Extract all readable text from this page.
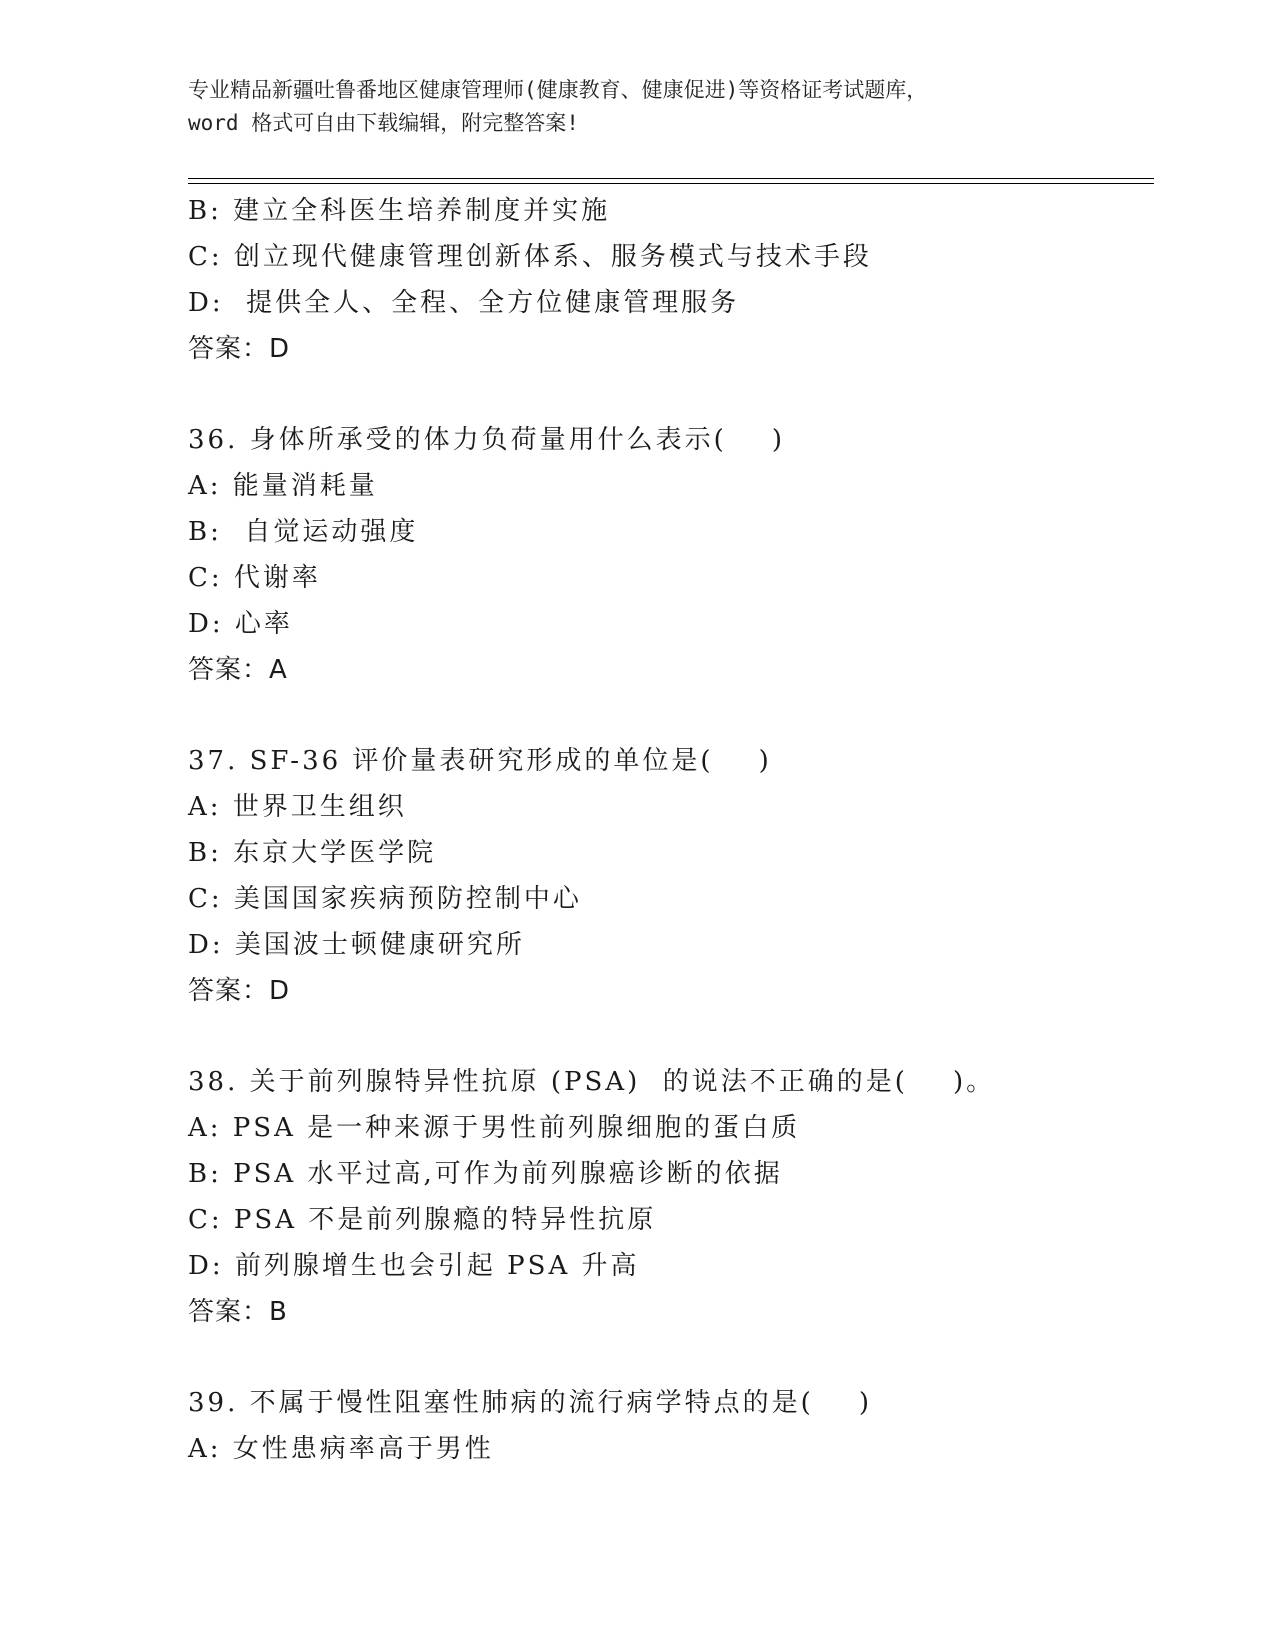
专业精品新疆吐鲁番地区健康管理师(健康教育、健康促进)等资格证考试题库，
word 格式可自由下载编辑，附完整答案!
B: 建立全科医生培养制度并实施
C: 创立现代健康管理创新体系、服务模式与技术手段
D:  提供全人、全程、全方位健康管理服务
答案：D
36. 身体所承受的体力负荷量用什么表示(    )
A: 能量消耗量
B:  自觉运动强度
C: 代谢率
D: 心率
答案：A
37. SF-36 评价量表研究形成的单位是(    )
A: 世界卫生组织
B: 东京大学医学院
C: 美国国家疾病预防控制中心
D: 美国波士顿健康研究所
答案：D
38. 关于前列腺特异性抗原 (PSA)  的说法不正确的是(    )。
A: PSA 是一种来源于男性前列腺细胞的蛋白质
B: PSA 水平过高,可作为前列腺癌诊断的依据
C: PSA 不是前列腺瘾的特异性抗原
D: 前列腺增生也会引起 PSA 升高
答案：B
39. 不属于慢性阻塞性肺病的流行病学特点的是(    )
A: 女性患病率高于男性
